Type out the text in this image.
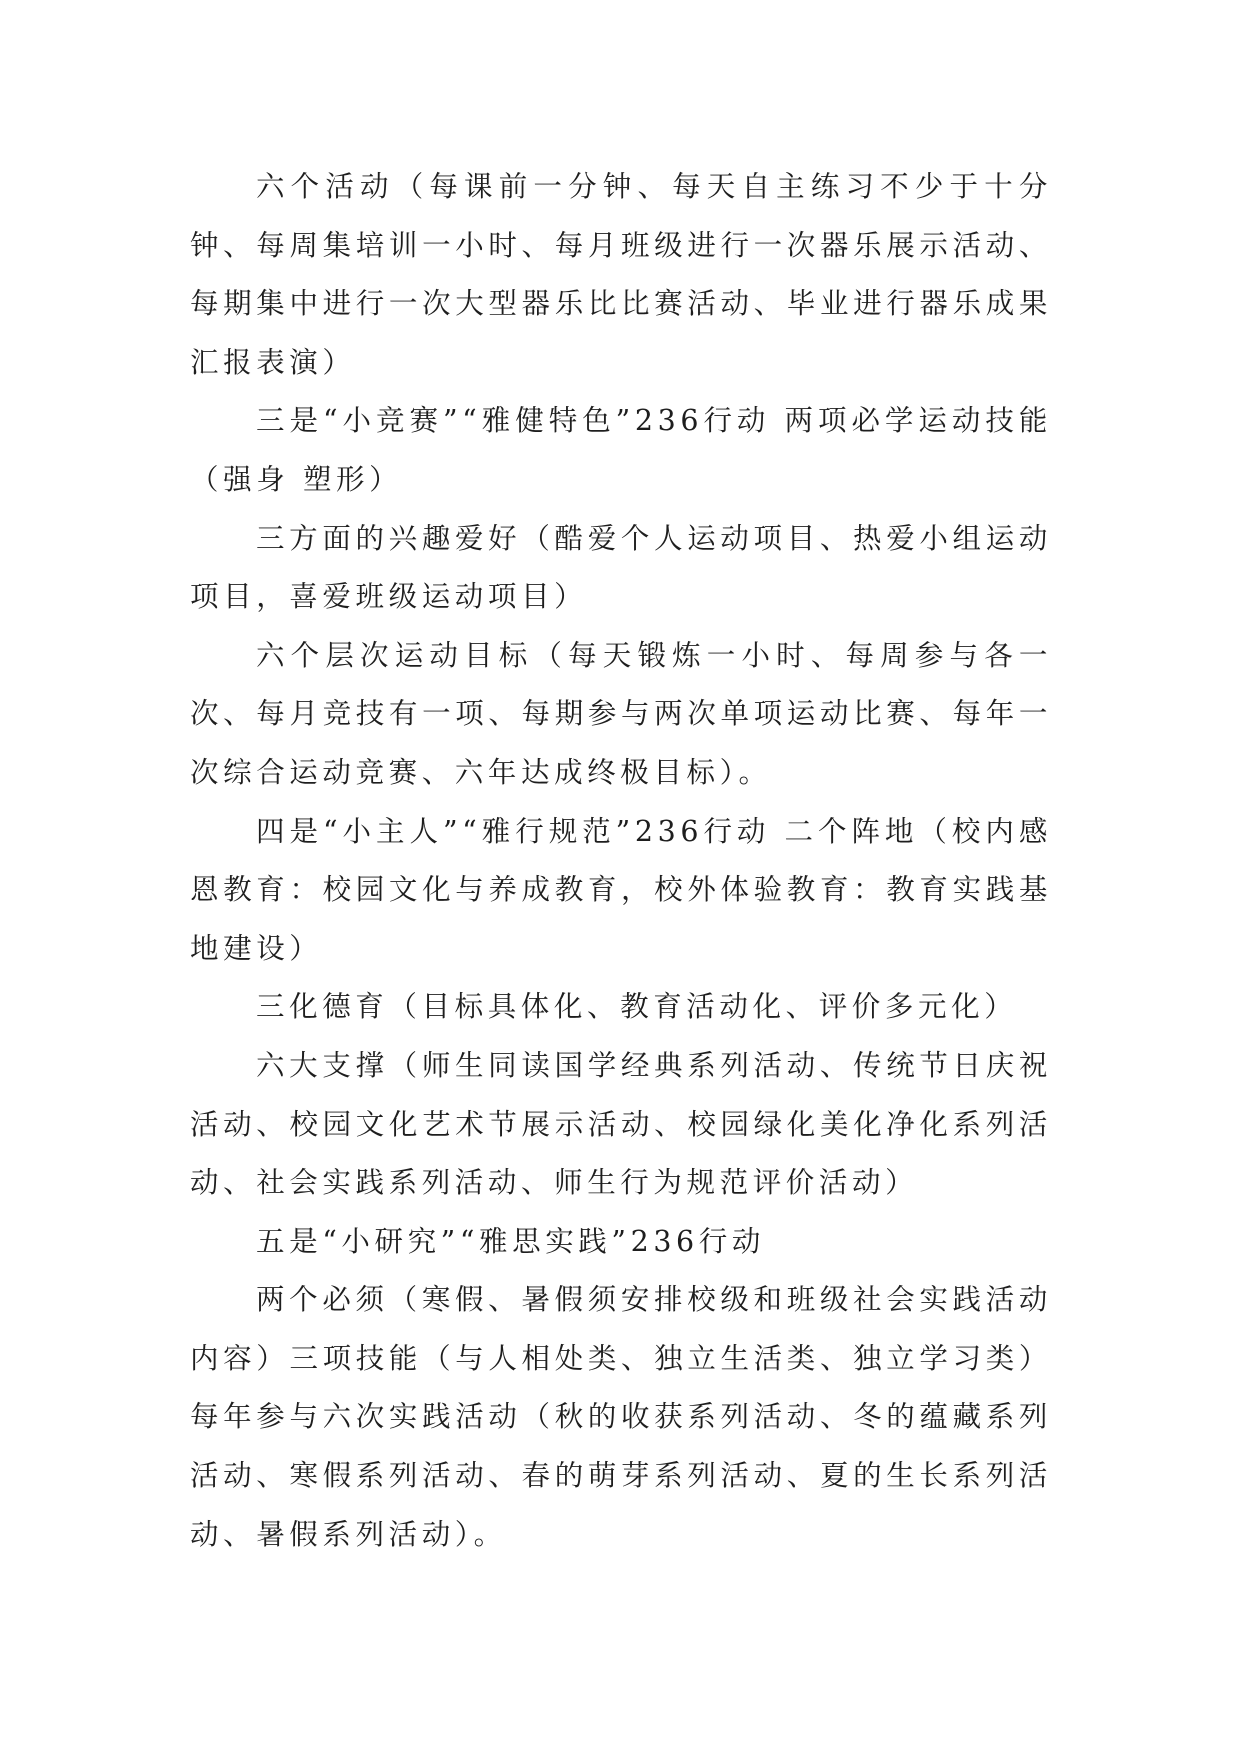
六个活动（每课前一分钟、每天自主练习不少于十分钟、每周集培训一小时、每月班级进行一次器乐展示活动、每期集中进行一次大型器乐比比赛活动、毕业进行器乐成果汇报表演）

三是“小竞赛”“雅健特色”236行动 两项必学运动技能（强身 塑形）

三方面的兴趣爱好（酷爱个人运动项目、热爱小组运动项目，喜爱班级运动项目）

六个层次运动目标（每天锻炼一小时、每周参与各一次、每月竞技有一项、每期参与两次单项运动比赛、每年一次综合运动竞赛、六年达成终极目标）。

四是“小主人”“雅行规范”236行动 二个阵地（校内感恩教育：校园文化与养成教育，校外体验教育：教育实践基地建设）

三化德育（目标具体化、教育活动化、评价多元化）

六大支撑（师生同读国学经典系列活动、传统节日庆祝活动、校园文化艺术节展示活动、校园绿化美化净化系列活动、社会实践系列活动、师生行为规范评价活动）

五是“小研究”“雅思实践”236行动

两个必须（寒假、暑假须安排校级和班级社会实践活动内容）三项技能（与人相处类、独立生活类、独立学习类）每年参与六次实践活动（秋的收获系列活动、冬的蕴藏系列活动、寒假系列活动、春的萌芽系列活动、夏的生长系列活动、暑假系列活动）。
